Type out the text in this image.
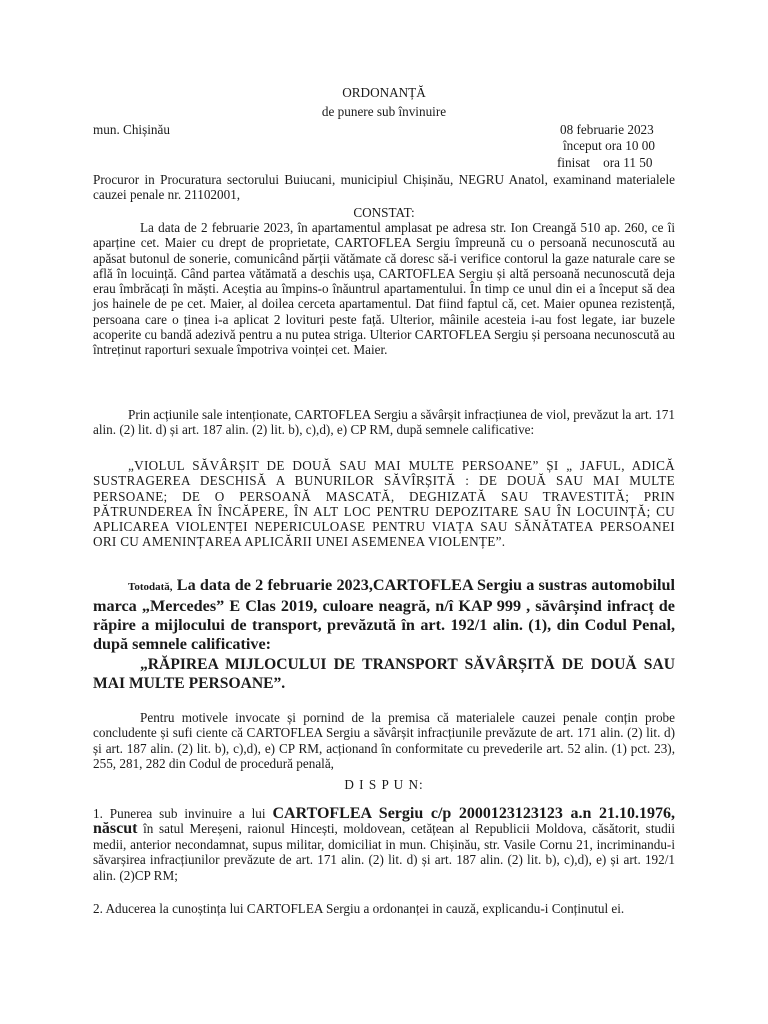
ORDONANȚĂ
de punere sub învinuire
mun. Chișinău	08 februarie 2023
început ora 10 00
finisat    ora 11 50
Procuror in Procuratura sectorului Buiucani, municipiul Chișinău, NEGRU Anatol, examinand materialele cauzei penale nr. 21102001,
CONSTAT:
La data de 2 februarie 2023, în apartamentul amplasat pe adresa str. Ion Creangă 510 ap. 260, ce îi aparține cet. Maier cu drept de proprietate, CARTOFLEA Sergiu împreună cu o persoană necunoscută au apăsat butonul de sonerie, comunicând părții vătămate că doresc să-i verifice contorul la gaze naturale care se află în locuință. Când partea vătămată a deschis ușa, CARTOFLEA Sergiu și altă persoană necunoscută deja erau îmbrăcați în măști. Aceștia au împins-o înăuntrul apartamentului. În timp ce unul din ei a început să dea jos hainele de pe cet. Maier, al doilea cerceta apartamentul. Dat fiind faptul că, cet. Maier opunea rezistență, persoana care o ținea i-a aplicat 2 lovituri peste față. Ulterior, mâinile acesteia i-au fost legate, iar buzele acoperite cu bandă adezivă pentru a nu putea striga. Ulterior CARTOFLEA Sergiu și persoana necunoscută au întreținut raporturi sexuale împotriva voinței cet. Maier.
Prin acțiunile sale intenționate, CARTOFLEA Sergiu a săvârșit infracțiunea de viol, prevăzut la art. 171 alin. (2) lit. d) și art. 187 alin. (2) lit. b), c),d), e) CP RM, după semnele calificative:
„VIOLUL SĂVÂRȘIT DE DOUĂ SAU MAI MULTE PERSOANE” ȘI „ JAFUL, ADICĂ SUSTRAGEREA DESCHISĂ A BUNURILOR SĂVÎRȘITĂ : DE DOUĂ SAU MAI MULTE PERSOANE; DE O PERSOANĂ MASCATĂ, DEGHIZATĂ SAU TRAVESTITĂ; PRIN PĂTRUNDEREA ÎN ÎNCĂPERE, ÎN ALT LOC PENTRU DEPOZITARE SAU ÎN LOCUINȚĂ; CU APLICAREA VIOLENȚEI NEPERICULOASE PENTRU VIAȚA SAU SĂNĂTATEA PERSOANEI ORI CU AMENINȚAREA APLICĂRII UNEI ASEMENEA VIOLENȚE”.
Totodată, La data de 2 februarie 2023,CARTOFLEA Sergiu a sustras automobilul marca „Mercedes” E Clas 2019, culoare neagră, n/î KAP 999 , săvârșind infracț de răpire a mijlocului de transport, prevăzută în art. 192/1 alin. (1), din Codul Penal, după semnele calificative:
„RĂPIREA MIJLOCULUI DE TRANSPORT SĂVÂRȘITĂ DE DOUĂ SAU MAI MULTE PERSOANE”.
Pentru motivele invocate și pornind de la premisa că materialele cauzei penale conțin probe concludente și sufi ciente că CARTOFLEA Sergiu a săvârșit infracțiunile prevăzute de art. 171 alin. (2) lit. d) și art. 187 alin. (2) lit. b), c),d), e) CP RM, acționand în conformitate cu prevederile art. 52 alin. (1) pct. 23), 255, 281, 282 din Codul de procedură penală,
D I S P U N:
1. Punerea sub invinuire a lui CARTOFLEA Sergiu c/p 2000123123123 a.n 21.10.1976, născut în satul Mereșeni, raionul Hincești, moldovean, cetățean al Republicii Moldova, căsătorit, studii medii, anterior necondamnat, supus militar, domiciliat in mun. Chișinău, str. Vasile Cornu 21, incriminandu-i săvarșirea infracțiunilor prevăzute de art. 171 alin. (2) lit. d) și art. 187 alin. (2) lit. b), c),d), e) și art. 192/1 alin. (2)CP RM;
2. Aducerea la cunoștința lui CARTOFLEA Sergiu a ordonanței in cauză, explicandu-i Conținutul ei.
